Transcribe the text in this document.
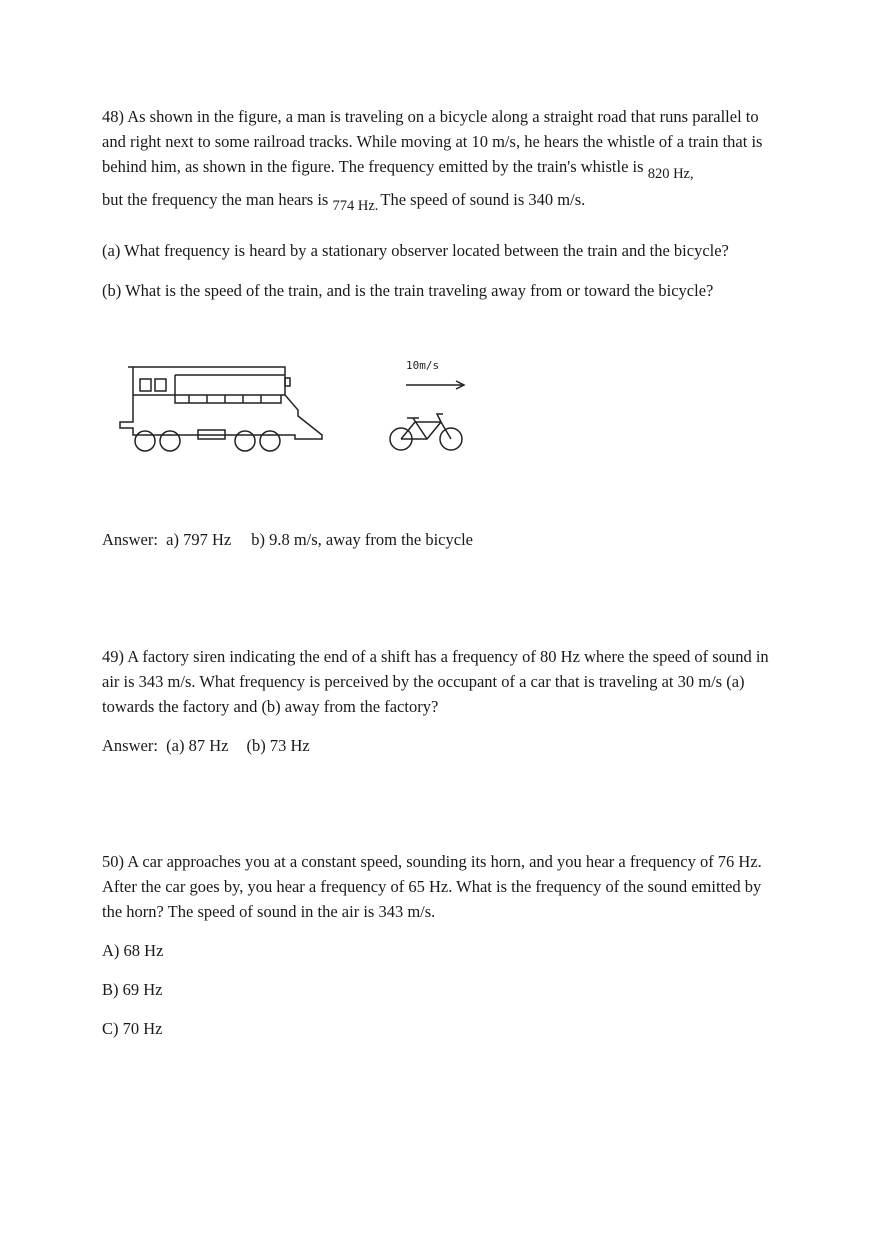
48) As shown in the figure, a man is traveling on a bicycle along a straight road that runs parallel to and right next to some railroad tracks. While moving at 10 m/s, he hears the whistle of a train that is behind him, as shown in the figure. The frequency emitted by the train's whistle is 820 Hz,

but the frequency the man hears is 774 Hz. The speed of sound is 340 m/s.
(a) What frequency is heard by a stationary observer located between the train and the bicycle?
(b) What is the speed of the train, and is the train traveling away from or toward the bicycle?
10m/s
Answer: a) 797 Hz b) 9.8 m/s, away from the bicycle

49) A factory siren indicating the end of a shift has a frequency of 80 Hz where the speed of sound in air is 343 m/s. What frequency is perceived by the occupant of a car that is traveling at 30 m/s (a) towards the factory and (b) away from the factory?

Answer: (a) 87 Hz (b) 73 Hz

50) A car approaches you at a constant speed, sounding its horn, and you hear a frequency of 76 Hz. After the car goes by, you hear a frequency of 65 Hz. What is the frequency of the sound emitted by the horn? The speed of sound in the air is 343 m/s.

A) 68 Hz
B) 69 Hz
C) 70 Hz
